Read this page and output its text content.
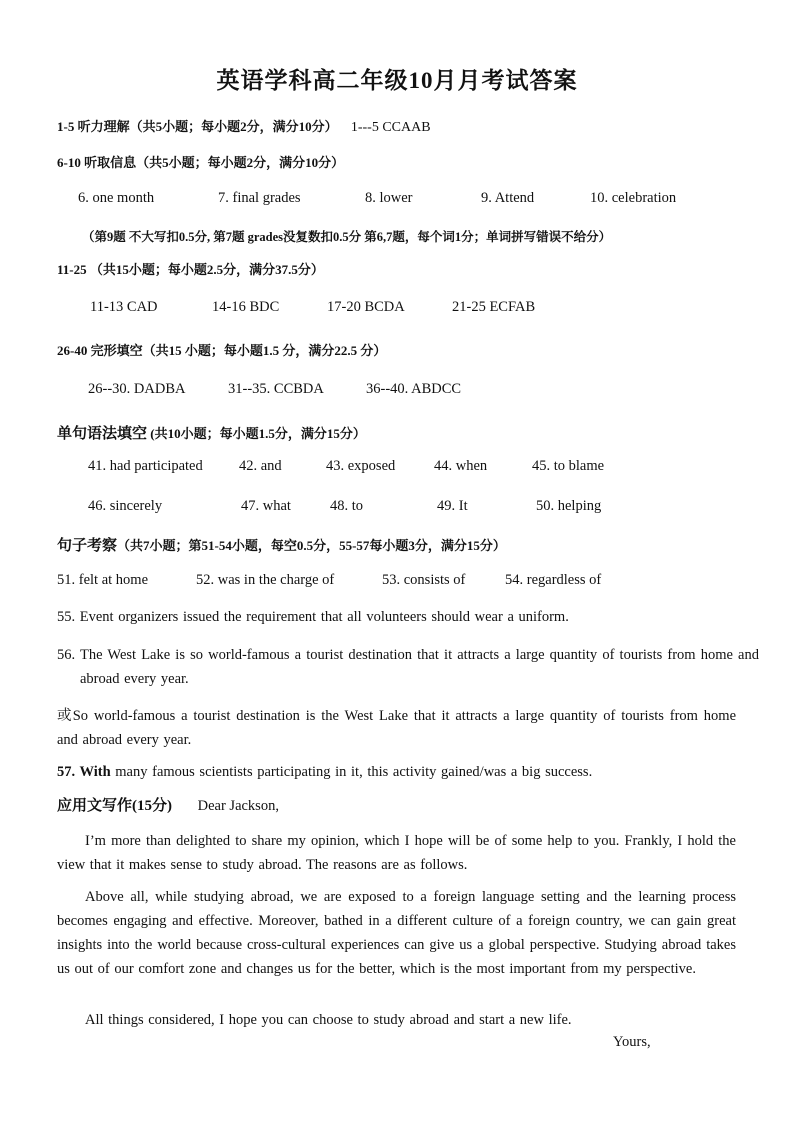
英语学科高二年级10月月考试答案
1-5 听力理解（共5小题；每小题2分，满分10分） 1---5 CCAAB
6-10 听取信息（共5小题；每小题2分，满分10分）
6. one month	7. final grades	8. lower	9. Attend	10. celebration
（第9题 不大写扣0.5分, 第7题 grades没复数扣0.5分 第6,7题，每个词1分；单词拼写错误不给分）
11-25 （共15小题；每小题2.5分，满分37.5分）
11-13 CAD	14-16 BDC	17-20 BCDA	21-25 ECFAB
26-40 完形填空（共15 小题；每小题1.5 分，满分22.5 分）
26--30. DADBA	31--35. CCBDA	36--40. ABDCC
单句语法填空 (共10小题；每小题1.5分，满分15分）
41. had participated	42. and	43. exposed	44. when	45. to blame
46. sincerely	47. what	48. to	49. It	50. helping
句子考察（共7小题；第51-54小题，每空0.5分，55-57每小题3分，满分15分）
51. felt at home	52. was in the charge of	53. consists of	54. regardless of
55. Event organizers issued the requirement that all volunteers should wear a uniform.
56. The West Lake is so world-famous a tourist destination that it attracts a large quantity of tourists from home and abroad every year.
或So world-famous a tourist destination is the West Lake that it attracts a large quantity of tourists from home and abroad every year.
57. With many famous scientists participating in it, this activity gained/was a big success.
应用文写作(15分) Dear Jackson,
I’m more than delighted to share my opinion, which I hope will be of some help to you. Frankly, I hold the view that it makes sense to study abroad. The reasons are as follows.
Above all, while studying abroad, we are exposed to a foreign language setting and the learning process becomes engaging and effective. Moreover, bathed in a different culture of a foreign country, we can gain great insights into the world because cross-cultural experiences can give us a global perspective. Studying abroad takes us out of our comfort zone and changes us for the better, which is the most important from my perspective.
All things considered, I hope you can choose to study abroad and start a new life.
Yours,
